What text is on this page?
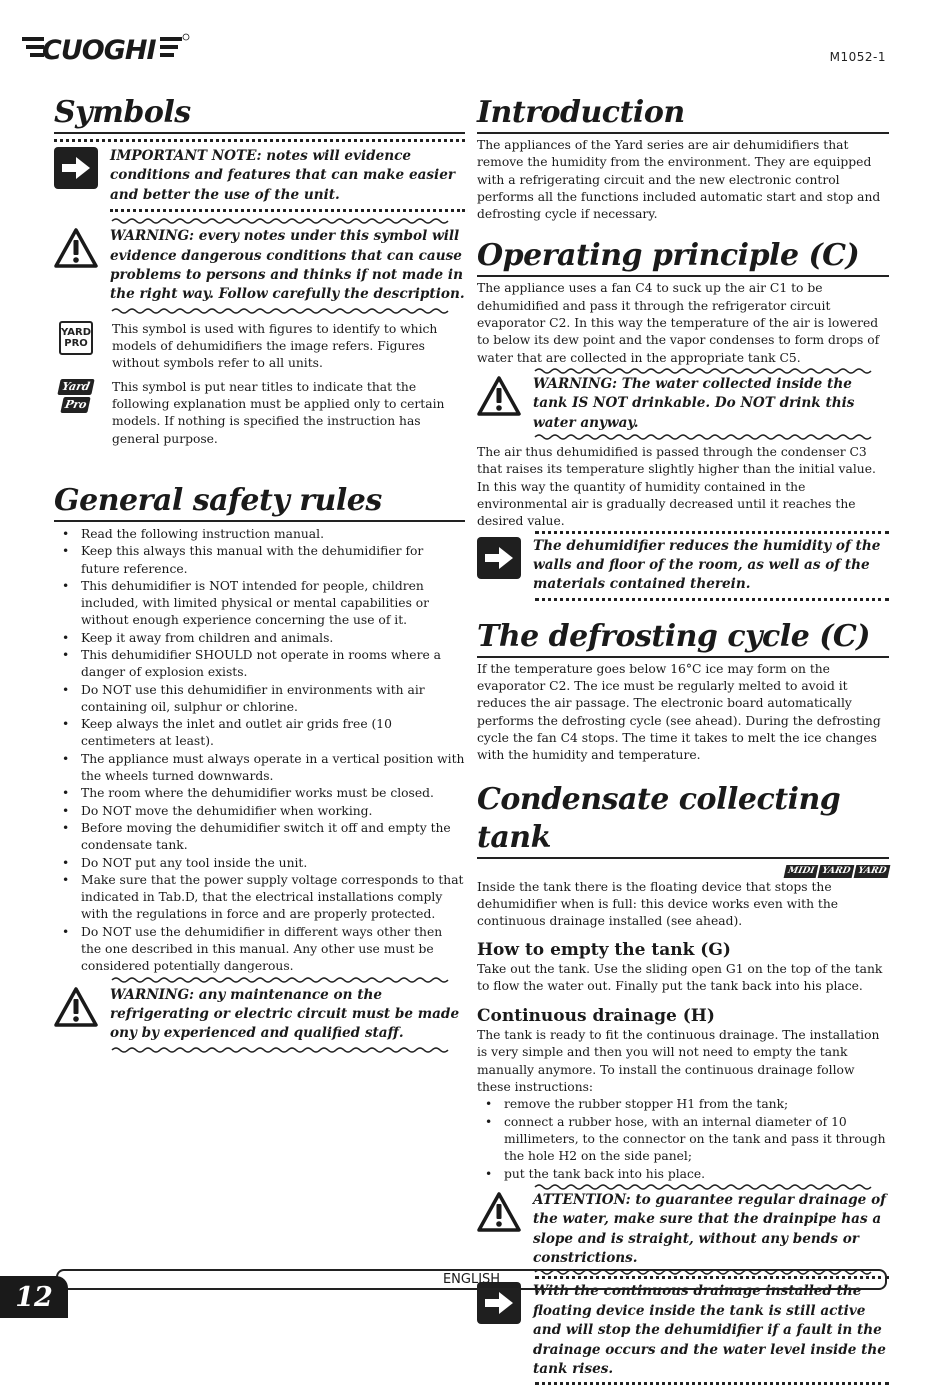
CUOGHI	M1052-1
Symbols
IMPORTANT NOTE: notes will evidence conditions and features that can make easier and better the use of the unit.
WARNING: every notes under this symbol will evidence dangerous conditions that can cause problems to persons and thinks if not made in the right way. Follow carefully the description.
YARD
PRO
This symbol is used with figures to identify to which models of dehumidifiers the image refers. Figures without symbols refer to all units.
Yard
Pro
This symbol is put near titles to indicate that the following explanation must be applied only to certain models. If nothing is specified the instruction has general purpose.
General safety rules
• Read the following instruction manual.
• Keep this always this manual with the dehumidifier for future reference.
• This dehumidifier is NOT intended for people, children included, with limited physical or mental capabilities or without enough experience concerning the use of it.
• Keep it away from children and animals.
• This dehumidifier SHOULD not operate in rooms where a danger of explosion exists.
• Do NOT use this dehumidifier in environments with air containing oil, sulphur or chlorine.
• Keep always the inlet and outlet air grids free (10 centimeters at least).
• The appliance must always operate in a vertical position with the wheels turned downwards.
• The room where the dehumidifier works must be closed.
• Do NOT move the dehumidifier when working.
• Before moving the dehumidifier switch it off and empty the condensate tank.
• Do NOT put any tool inside the unit.
• Make sure that the power supply voltage corresponds to that indicated in Tab.D, that the electrical installations comply with the regulations in force and are properly protected.
• Do NOT use the dehumidifier in different ways other then the one described in this manual. Any other use must be considered potentially dangerous.
WARNING: any maintenance on the refrigerating or electric circuit must be made ony by experienced and qualified staff.
Introduction

The appliances of the Yard series are air dehumidifiers that remove the humidity from the environment. They are equipped with a refrigerating circuit and the new electronic control performs all the functions included automatic start and stop and defrosting cycle if necessary.

Operating principle (C)

The appliance uses a fan C4 to suck up the air C1 to be dehumidified and pass it through the refrigerator circuit evaporator C2. In this way the temperature of the air is lowered to below its dew point and the vapor condenses to form drops of water that are collected in the appropriate tank C5.

WARNING: The water collected inside the tank IS NOT drinkable. Do NOT drink this water anyway.

The air thus dehumidified is passed through the condenser C3 that raises its temperature slightly higher than the initial value. In this way the quantity of humidity contained in the environmental air is gradually decreased until it reaches the desired value.

The dehumidifier reduces the humidity of the walls and floor of the room, as well as of the materials contained therein.
The defrosting cycle (C)

If the temperature goes below 16°C ice may form on the evaporator C2. The ice must be regularly melted to avoid it reduces the air passage. The electronic board automatically performs the defrosting cycle (see ahead). During the defrosting cycle the fan C4 stops. The time it takes to melt the ice changes with the humidity and temperature.

Condensate collecting tank
MIDI YARD YARD

Inside the tank there is the floating device that stops the dehumidifier when is full: this device works even with the continuous drainage installed (see ahead).

How to empty the tank (G)

Take out the tank. Use the sliding open G1 on the top of the tank to flow the water out. Finally put the tank back into his place.

Continuous drainage (H)

The tank is ready to fit the continuous drainage. The installation is very simple and then you will not need to empty the tank manually anymore. To install the continuous drainage follow these instructions:

• remove the rubber stopper H1 from the tank;
• connect a rubber hose, with an internal diameter of 10 millimeters, to the connector on the tank and pass it through the hole H2 on the side panel;
• put the tank back into his place.
ATTENTION: to guarantee regular drainage of the water, make sure that the drainpipe has a slope and is straight, without any bends or constrictions.
With the continuous drainage installed the floating device inside the tank is still active and will stop the dehumidifier if a fault in the drainage occurs and the water level inside the tank rises.
ENGLISH
12
